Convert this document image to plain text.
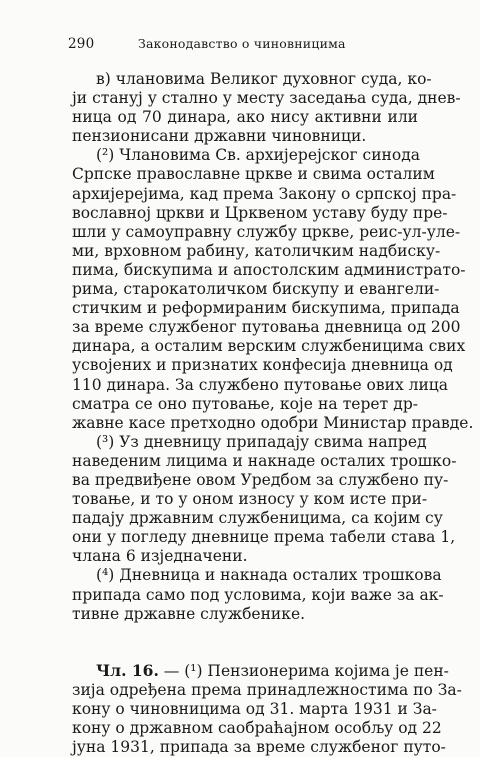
290	Законодавство о чиновницима
в) члановима Великог духовног суда, ко-
ји стануј у стално у месту заседања суда, днев-
ница од 70 динара, ако нису активни или
пензионисани државни чиновници.
(²) Члановима Св. архијерејског синода
Српске православне цркве и свима осталим
архијерејима, кад према Закону о српској пра-
вославној цркви и Црквеном уставу буду пре-
шли у самоуправну службу цркве, реис-ул-уле-
ми, врховном рабину, католичким надбиску-
пима, бискупима и апостолским администрато-
рима, старокатоличком бискупу и евангели-
стичким и реформираним бискупима, припада
за време службеног путовања дневница од 200
динара, а осталим верским службеницима свих
усвојених и признатих конфесија дневница од
110 динара. За службено путовање ових лица
сматра се оно путовање, које на терет др-
жавне касе претходно одобри Министар правде.
(³) Уз дневницу припадају свима напред
наведеним лицима и накнаде осталих трошко-
ва предвиђене овом Уредбом за службено пу-
товање, и то у оном износу у ком исте при-
падају државним службеницима, са којим су
они у погледу дневнице према табели става 1,
члана 6 изједначени.
(⁴) Дневница и накнада осталих трошкова
припада само под условима, који важе за ак-
тивне државне службенике.
Чл. 16. — (¹) Пензионерима којима је пен-
зија одређена према принадлежностима по За-
кону о чиновницима од 31. марта 1931 и За-
кону о државном саобраћајном особљу од 22
јуна 1931, припада за време службеног путо-
